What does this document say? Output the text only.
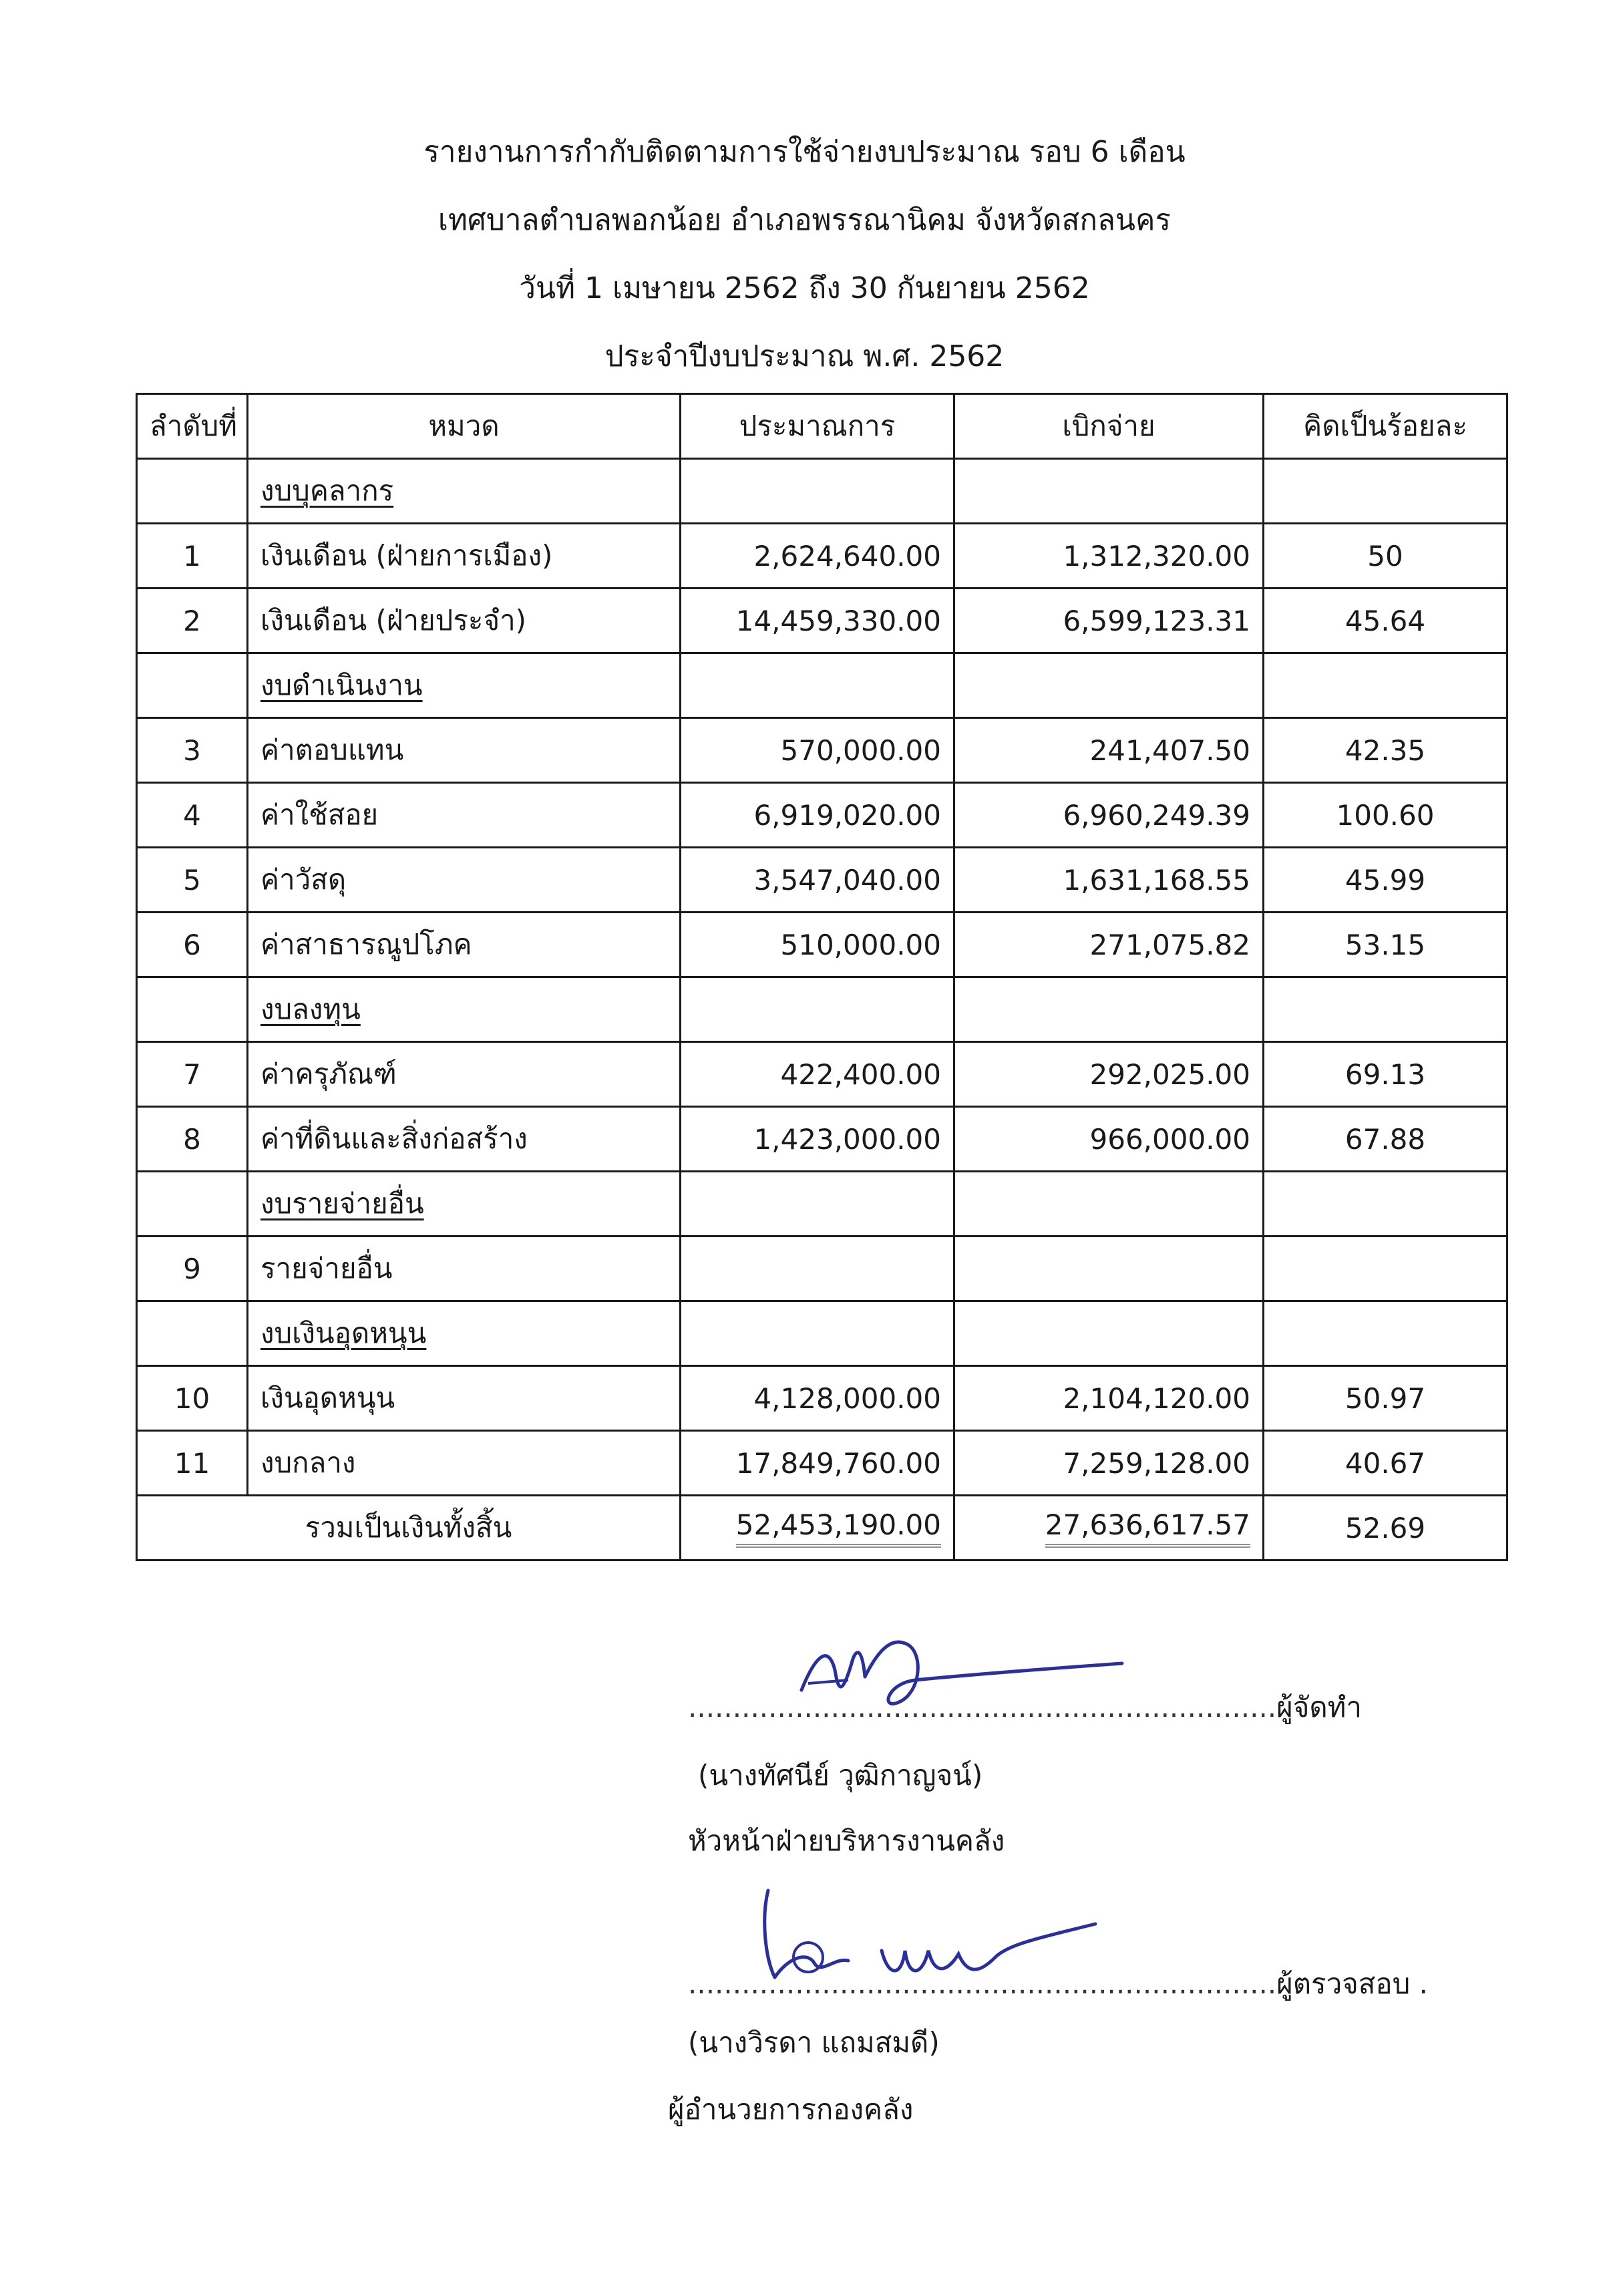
รายงานการกำกับติดตามการใช้จ่ายงบประมาณ รอบ 6 เดือน
เทศบาลตำบลพอกน้อย อำเภอพรรณานิคม จังหวัดสกลนคร
วันที่ 1 เมษายน 2562 ถึง 30 กันยายน 2562
ประจำปีงบประมาณ พ.ศ. 2562
ลำดับที่	หมวด	ประมาณการ	เบิกจ่าย	คิดเป็นร้อยละ
	งบบุคลากร			
1	เงินเดือน (ฝ่ายการเมือง)	2,624,640.00	1,312,320.00	50
2	เงินเดือน (ฝ่ายประจำ)	14,459,330.00	6,599,123.31	45.64
	งบดำเนินงาน			
3	ค่าตอบแทน	570,000.00	241,407.50	42.35
4	ค่าใช้สอย	6,919,020.00	6,960,249.39	100.60
5	ค่าวัสดุ	3,547,040.00	1,631,168.55	45.99
6	ค่าสาธารณูปโภค	510,000.00	271,075.82	53.15
	งบลงทุน			
7	ค่าครุภัณฑ์	422,400.00	292,025.00	69.13
8	ค่าที่ดินและสิ่งก่อสร้าง	1,423,000.00	966,000.00	67.88
	งบรายจ่ายอื่น			
9	รายจ่ายอื่น			
	งบเงินอุดหนุน			
10	เงินอุดหนุน	4,128,000.00	2,104,120.00	50.97
11	งบกลาง	17,849,760.00	7,259,128.00	40.67
รวมเป็นเงินทั้งสิ้น		52,453,190.00	27,636,617.57	52.69
..................................................................ผู้จัดทำ
(นางทัศนีย์ วุฒิกาญจน์)
หัวหน้าฝ่ายบริหารงานคลัง
..................................................................ผู้ตรวจสอบ .
(นางวิรดา แถมสมดี)
ผู้อำนวยการกองคลัง
